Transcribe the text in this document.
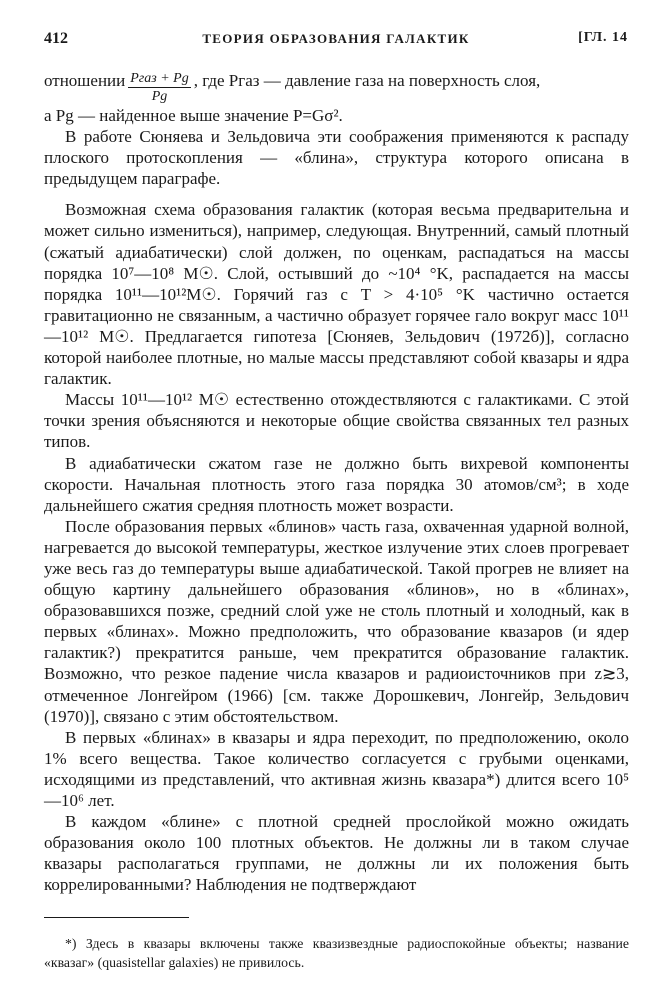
412	ТЕОРИЯ ОБРАЗОВАНИЯ ГАЛАКТИК	[ГЛ. 14

отношении $\frac{\text{Pгаз + Pg}}{Pg}$ , где Pгаз — давление газа на поверхность слоя,

а Pg — найденное выше значение P=Gσ².

В работе Сюняева и Зельдовича эти соображения применяются к распаду плоского протоскопления — «блина», структура которого описана в предыдущем параграфе.

Возможная схема образования галактик (которая весьма предварительна и может сильно измениться), например, следующая. Внутренний, самый плотный (сжатый адиабатически) слой должен, по оценкам, распадаться на массы порядка 10⁷—10⁸ M☉. Слой, остывший до ~10⁴ °K, распадается на массы порядка 10¹¹—10¹²M☉. Горячий газ с T > 4·10⁵ °K частично остается гравитационно не связанным, а частично образует горячее гало вокруг масс 10¹¹—10¹² M☉. Предлагается гипотеза [Сюняев, Зельдович (1972б)], согласно которой наиболее плотные, но малые массы представляют собой квазары и ядра галактик.

Массы 10¹¹—10¹² M☉ естественно отождествляются с галактиками. С этой точки зрения объясняются и некоторые общие свойства связанных тел разных типов.

В адиабатически сжатом газе не должно быть вихревой компоненты скорости. Начальная плотность этого газа порядка 30 атомов/см³; в ходе дальнейшего сжатия средняя плотность может возрасти.

После образования первых «блинов» часть газа, охваченная ударной волной, нагревается до высокой температуры, жесткое излучение этих слоев прогревает уже весь газ до температуры выше адиабатической. Такой прогрев не влияет на общую картину дальнейшего образования «блинов», но в «блинах», образовавшихся позже, средний слой уже не столь плотный и холодный, как в первых «блинах». Можно предположить, что образование квазаров (и ядер галактик?) прекратится раньше, чем прекратится образование галактик. Возможно, что резкое падение числа квазаров и радиоисточников при z≳3, отмеченное Лонгейром (1966) [см. также Дорошкевич, Лонгейр, Зельдович (1970)], связано с этим обстоятельством.

В первых «блинах» в квазары и ядра переходит, по предположению, около 1% всего вещества. Такое количество согласуется с грубыми оценками, исходящими из представлений, что активная жизнь квазара*) длится всего 10⁵—10⁶ лет.

В каждом «блине» с плотной средней прослойкой можно ожидать образования около 100 плотных объектов. Не должны ли в таком случае квазары располагаться группами, не должны ли их положения быть коррелированными? Наблюдения не подтверждают

*) Здесь в квазары включены также квазизвездные радиоспокойные объекты; название «квазаг» (quasistellar galaxies) не привилось.
